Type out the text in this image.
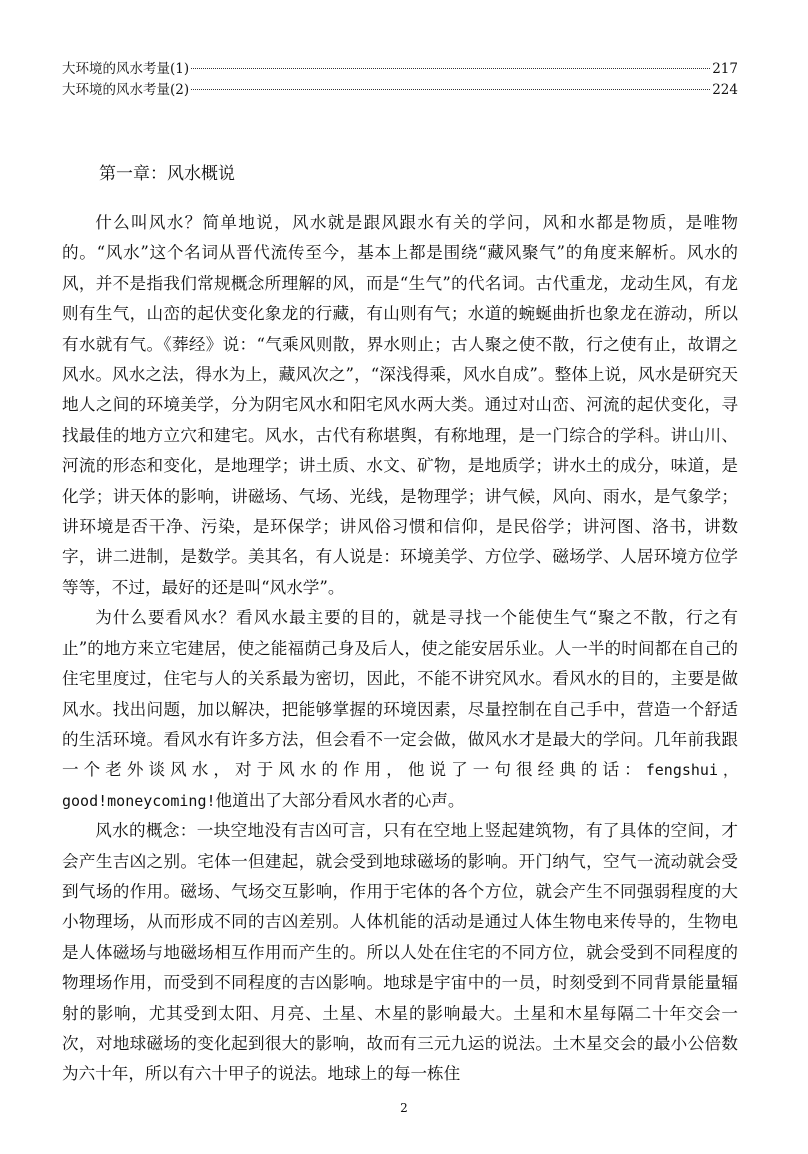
大环境的风水考量(1)	217
大环境的风水考量(2)	224
第一章：风水概说

什么叫风水？简单地说，风水就是跟风跟水有关的学问，风和水都是物质，是唯物的。“风水”这个名词从晋代流传至今，基本上都是围绕“藏风聚气”的角度来解析。风水的风，并不是指我们常规概念所理解的风，而是“生气”的代名词。古代重龙，龙动生风，有龙则有生气，山峦的起伏变化象龙的行藏，有山则有气；水道的蜿蜒曲折也象龙在游动，所以有水就有气。《葬经》说：“气乘风则散，界水则止；古人聚之使不散，行之使有止，故谓之风水。风水之法，得水为上，藏风次之”，“深浅得乘，风水自成”。整体上说，风水是研究天地人之间的环境美学，分为阴宅风水和阳宅风水两大类。通过对山峦、河流的起伏变化，寻找最佳的地方立穴和建宅。风水，古代有称堪舆，有称地理，是一门综合的学科。讲山川、河流的形态和变化，是地理学；讲土质、水文、矿物，是地质学；讲水土的成分，味道，是化学；讲天体的影响，讲磁场、气场、光线，是物理学；讲气候，风向、雨水，是气象学；讲环境是否干净、污染，是环保学；讲风俗习惯和信仰，是民俗学；讲河图、洛书，讲数字，讲二进制，是数学。美其名，有人说是：环境美学、方位学、磁场学、人居环境方位学等等，不过，最好的还是叫“风水学”。

为什么要看风水？看风水最主要的目的，就是寻找一个能使生气“聚之不散，行之有止”的地方来立宅建居，使之能福荫己身及后人，使之能安居乐业。人一半的时间都在自己的住宅里度过，住宅与人的关系最为密切，因此，不能不讲究风水。看风水的目的，主要是做风水。找出问题，加以解决，把能够掌握的环境因素，尽量控制在自己手中，营造一个舒适的生活环境。看风水有许多方法，但会看不一定会做，做风水才是最大的学问。几年前我跟一个老外谈风水，对于风水的作用，他说了一句很经典的话：fengshui，good!moneycoming!他道出了大部分看风水者的心声。

风水的概念：一块空地没有吉凶可言，只有在空地上竖起建筑物，有了具体的空间，才会产生吉凶之别。宅体一但建起，就会受到地球磁场的影响。开门纳气，空气一流动就会受到气场的作用。磁场、气场交互影响，作用于宅体的各个方位，就会产生不同强弱程度的大小物理场，从而形成不同的吉凶差别。人体机能的活动是通过人体生物电来传导的，生物电是人体磁场与地磁场相互作用而产生的。所以人处在住宅的不同方位，就会受到不同程度的物理场作用，而受到不同程度的吉凶影响。地球是宇宙中的一员，时刻受到不同背景能量辐射的影响，尤其受到太阳、月亮、土星、木星的影响最大。土星和木星每隔二十年交会一次，对地球磁场的变化起到很大的影响，故而有三元九运的说法。土木星交会的最小公倍数为六十年，所以有六十甲子的说法。地球上的每一栋住

2
